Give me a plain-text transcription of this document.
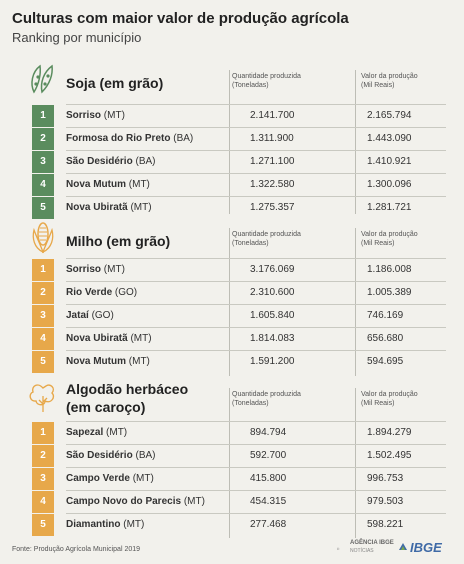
Culturas com maior valor de produção agrícola
Ranking por município
Soja (em grão)	Quantidade produzida
(Toneladas)
Valor da produção
(Mil Reais)
1	Sorriso (MT)	2.141.700	2.165.794
2	Formosa do Rio Preto (BA)	1.311.900	1.443.090
3	São Desidério (BA)	1.271.100	1.410.921
4	Nova Mutum (MT)	1.322.580	1.300.096
5	Nova Ubiratã (MT)	1.275.357	1.281.721
Milho (em grão)	Quantidade produzida
(Toneladas)
Valor da produção
(Mil Reais)
1	Sorriso (MT)	3.176.069	1.186.008
2	Rio Verde (GO)	2.310.600	1.005.389
3	Jataí (GO)	1.605.840	746.169
4	Nova Ubiratã (MT)	1.814.083	656.680
5	Nova Mutum (MT)	1.591.200	594.695
Algodão herbáceo
(em caroço)
Quantidade produzida
(Toneladas)
Valor da produção
(Mil Reais)
1	Sapezal (MT)	894.794	1.894.279
2	São Desidério (BA)	592.700	1.502.495
3	Campo Verde (MT)	415.800	996.753
4	Campo Novo do Parecis (MT)	454.315	979.503
5	Diamantino (MT)	277.468	598.221
Fonte: Produção Agrícola Municipal 2019
AGÊNCIA IBGE
NOTÍCIAS	IBGE
